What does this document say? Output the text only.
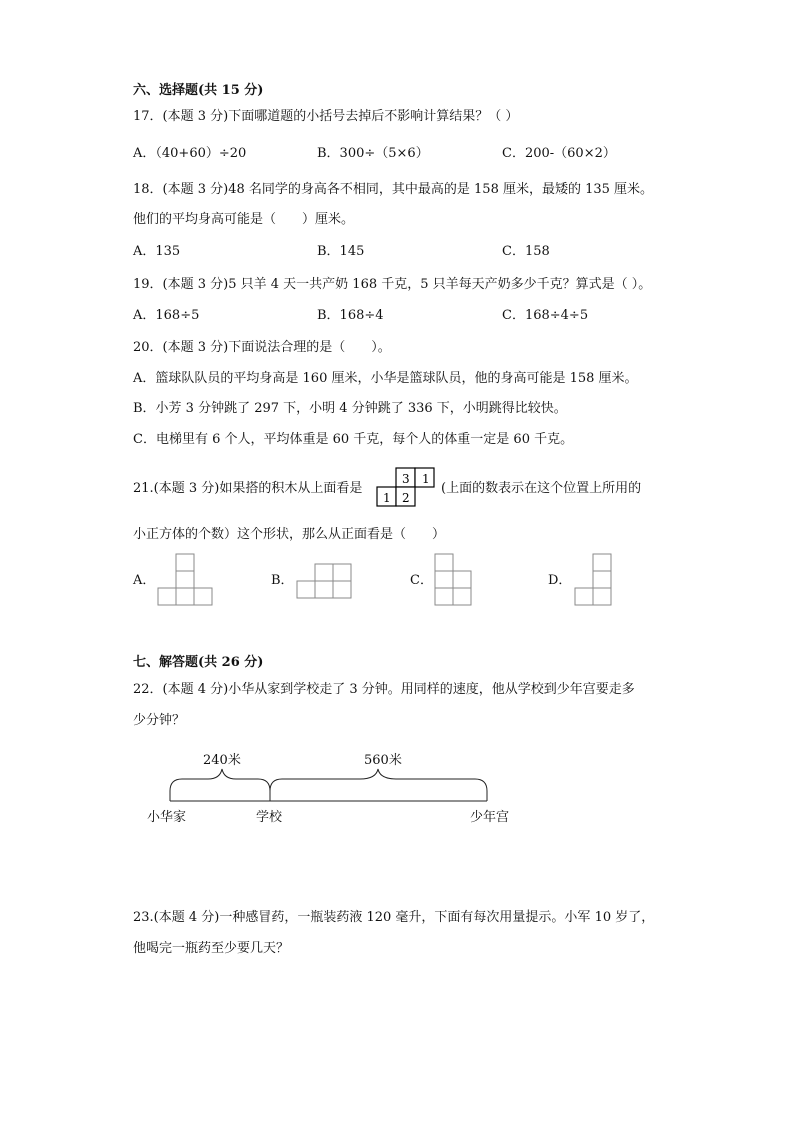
六、选择题(共 15 分)
17．(本题 3 分)下面哪道题的小括号去掉后不影响计算结果？（ ）
A．（40+60）÷20	B．300÷（5×6）	C．200-（60×2）
18．(本题 3 分)48 名同学的身高各不相同，其中最高的是 158 厘米，最矮的 135 厘米。
他们的平均身高可能是（　　）厘米。
A．135	B．145	C．158
19．(本题 3 分)5 只羊 4 天一共产奶 168 千克，5 只羊每天产奶多少千克？算式是（ ）。
A．168÷5	B．168÷4	C．168÷4÷5
20．(本题 3 分)下面说法合理的是（　　）。
A．篮球队队员的平均身高是 160 厘米，小华是篮球队员，他的身高可能是 158 厘米。
B．小芳 3 分钟跳了 297 下，小明 4 分钟跳了 336 下，小明跳得比较快。
C．电梯里有 6 个人，平均体重是 60 千克，每个人的体重一定是 60 千克。
21.(本题 3 分)如果搭的积木从上面看是
3 1
1 2
(上面的数表示在这个位置上所用的
小正方体的个数）这个形状，那么从正面看是（　　）
A．	B．	C．	D．
七、解答题(共 26 分)
22．(本题 4 分)小华从家到学校走了 3 分钟。用同样的速度，他从学校到少年宫要走多
少分钟？
240米	560米
小华家	学校	少年宫
23.(本题 4 分)一种感冒药，一瓶装药液 120 毫升，下面有每次用量提示。小军 10 岁了，
他喝完一瓶药至少要几天？
